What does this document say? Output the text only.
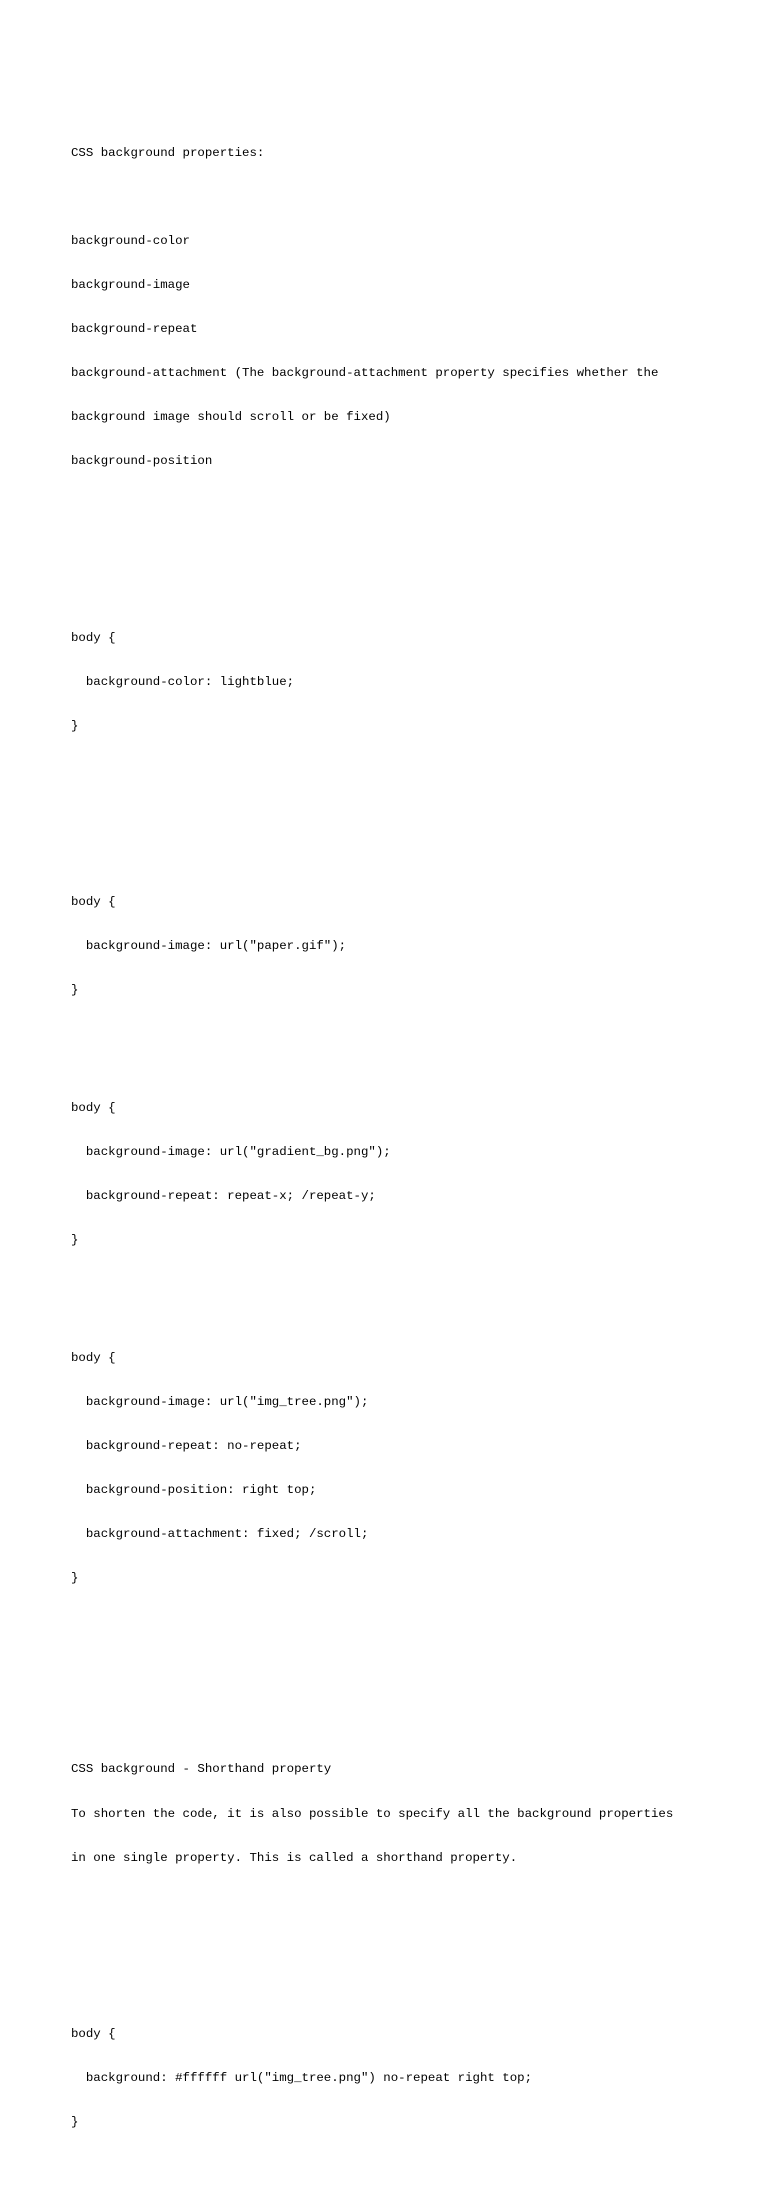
CSS background properties:

background-color

background-image

background-repeat

background-attachment (The background-attachment property specifies whether the

background image should scroll or be fixed)

background-position

body {

background-color: lightblue;

}

body {

background-image: url("paper.gif");

}

body {

background-image: url("gradient_bg.png");

background-repeat: repeat-x; /repeat-y;

}

body {

background-image: url("img_tree.png");

background-repeat: no-repeat;

background-position: right top;

background-attachment: fixed; /scroll;

}

CSS background - Shorthand property

To shorten the code, it is also possible to specify all the background properties

in one single property. This is called a shorthand property.

body {

background: #ffffff url("img_tree.png") no-repeat right top;

}
